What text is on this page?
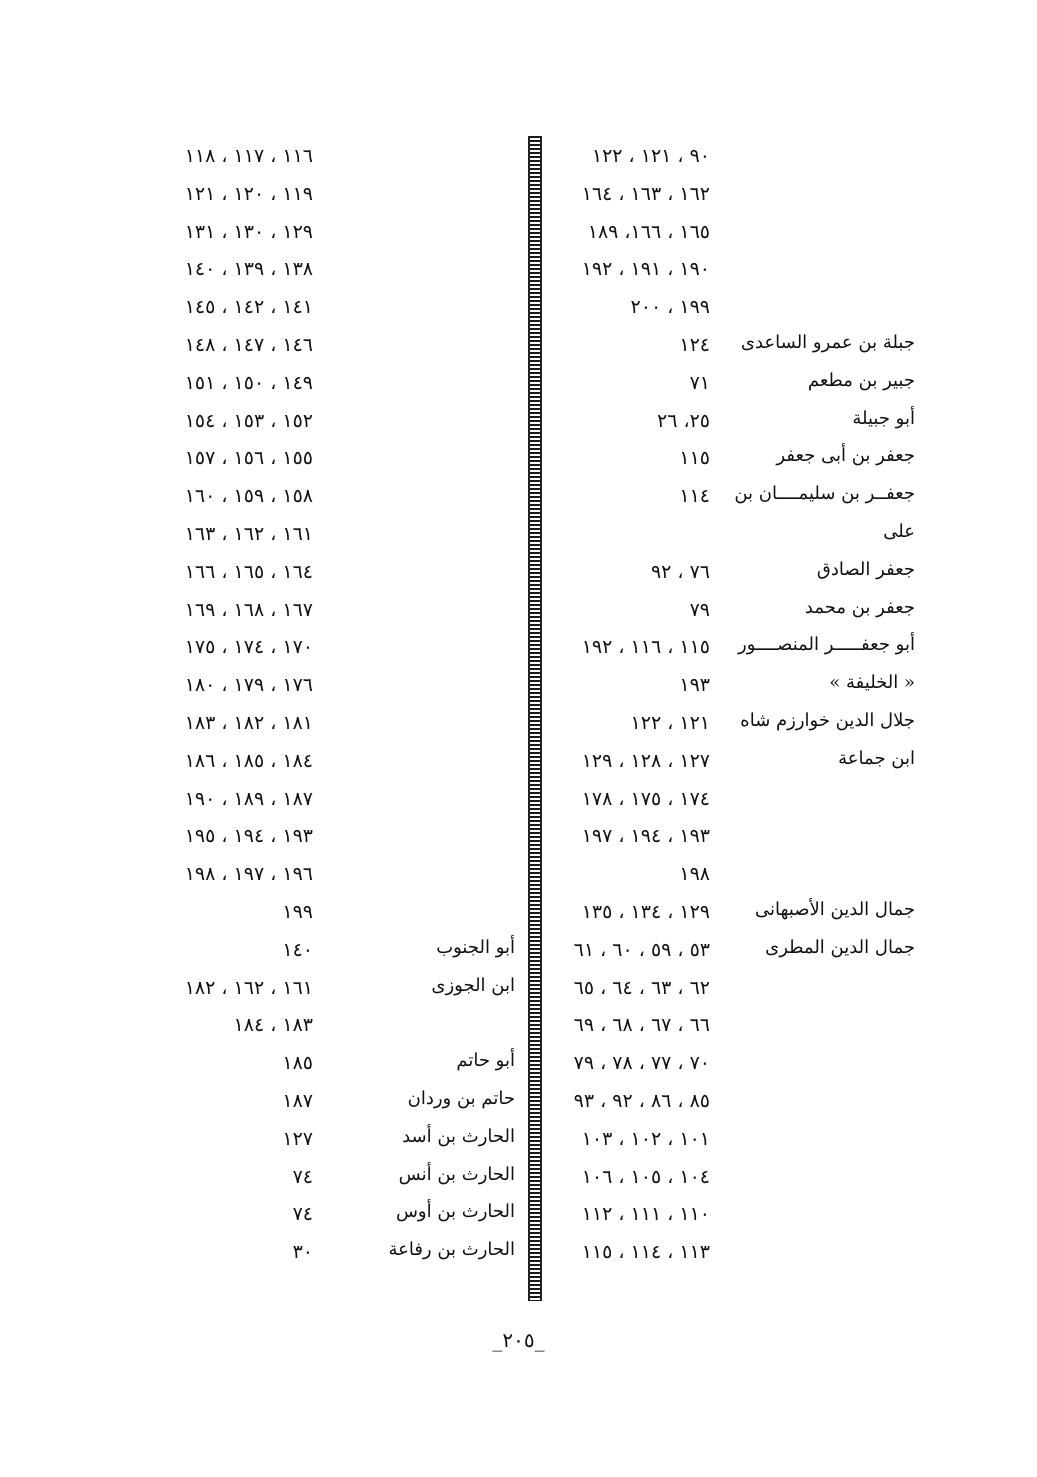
٩٠ ، ١٢١ ، ١٢٢
١٦٢ ، ١٦٣ ، ١٦٤
١٦٥ ، ١٦٦، ١٨٩
١٩٠ ، ١٩١ ، ١٩٢
١٩٩ ، ٢٠٠
جبلة بن عمرو الساعدى
١٢٤
جبير بن مطعم
٧١
أبو جبيلة
٢٥، ٢٦
جعفر بن أبى جعفر
١١٥
جعفــر بن سليمــــان بن
١١٤
على
جعفر الصادق
٧٦ ، ٩٢
جعفر بن محمد
٧٩
أبو جعفـــــر المنصــــور
١١٥ ، ١١٦ ، ١٩٢
« الخليفة »
١٩٣
جلال الدين خوارزم شاه
١٢١ ، ١٢٢
ابن جماعة
١٢٧ ، ١٢٨ ، ١٢٩
١٧٤ ، ١٧٥ ، ١٧٨
١٩٣ ، ١٩٤ ، ١٩٧
١٩٨
جمال الدين الأصبهانى
١٢٩ ، ١٣٤ ، ١٣٥
جمال الدين المطرى
٥٣ ، ٥٩ ، ٦٠ ، ٦١
٦٢ ، ٦٣ ، ٦٤ ، ٦٥
٦٦ ، ٦٧ ، ٦٨ ، ٦٩
٧٠ ، ٧٧ ، ٧٨ ، ٧٩
٨٥ ، ٨٦ ، ٩٢ ، ٩٣
١٠١ ، ١٠٢ ، ١٠٣
١٠٤ ، ١٠٥ ، ١٠٦
١١٠ ، ١١١ ، ١١٢
١١٣ ، ١١٤ ، ١١٥
١١٦ ، ١١٧ ، ١١٨
١١٩ ، ١٢٠ ، ١٢١
١٢٩ ، ١٣٠ ، ١٣١
١٣٨ ، ١٣٩ ، ١٤٠
١٤١ ، ١٤٢ ، ١٤٥
١٤٦ ، ١٤٧ ، ١٤٨
١٤٩ ، ١٥٠ ، ١٥١
١٥٢ ، ١٥٣ ، ١٥٤
١٥٥ ، ١٥٦ ، ١٥٧
١٥٨ ، ١٥٩ ، ١٦٠
١٦١ ، ١٦٢ ، ١٦٣
١٦٤ ، ١٦٥ ، ١٦٦
١٦٧ ، ١٦٨ ، ١٦٩
١٧٠ ، ١٧٤ ، ١٧٥
١٧٦ ، ١٧٩ ، ١٨٠
١٨١ ، ١٨٢ ، ١٨٣
١٨٤ ، ١٨٥ ، ١٨٦
١٨٧ ، ١٨٩ ، ١٩٠
١٩٣ ، ١٩٤ ، ١٩٥
١٩٦ ، ١٩٧ ، ١٩٨
١٩٩
أبو الجنوب
١٤٠
ابن الجوزى
١٦١ ، ١٦٢ ، ١٨٢
١٨٣ ، ١٨٤
أبو حاتم
١٨٥
حاتم بن وردان
١٨٧
الحارث بن أسد
١٢٧
الحارث بن أنس
٧٤
الحارث بن أوس
٧٤
الحارث بن رفاعة
٣٠
_٢٠٥_
